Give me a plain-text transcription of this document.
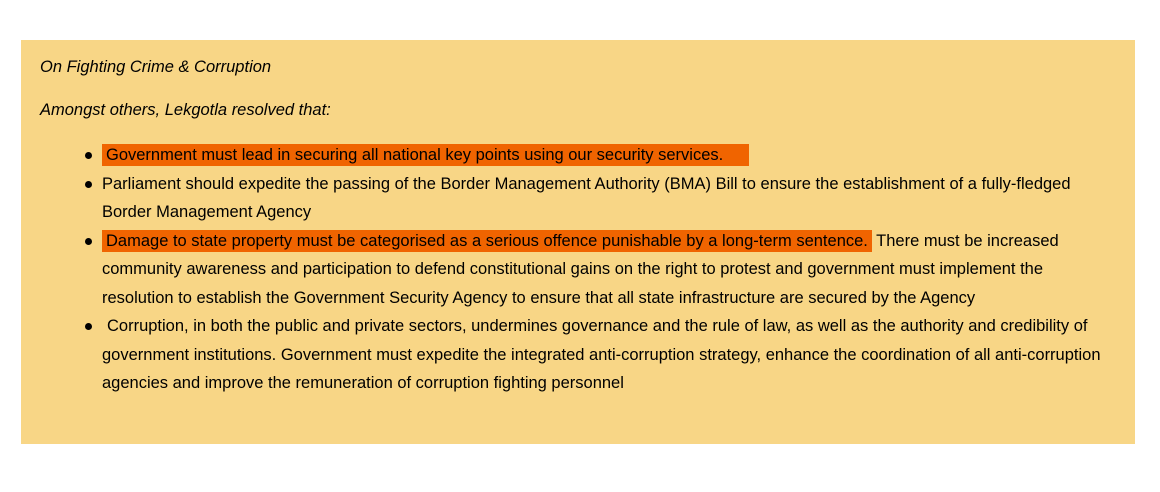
On Fighting Crime & Corruption
Amongst others, Lekgotla resolved that:
Government must lead in securing all national key points using our security services.
Parliament should expedite the passing of the Border Management Authority (BMA) Bill to ensure the establishment of a fully-fledged Border Management Agency
Damage to state property must be categorised as a serious offence punishable by a long-term sentence. There must be increased community awareness and participation to defend constitutional gains on the right to protest and government must implement the resolution to establish the Government Security Agency to ensure that all state infrastructure are secured by the Agency
Corruption, in both the public and private sectors, undermines governance and the rule of law, as well as the authority and credibility of government institutions. Government must expedite the integrated anti-corruption strategy, enhance the coordination of all anti-corruption agencies and improve the remuneration of corruption fighting personnel
